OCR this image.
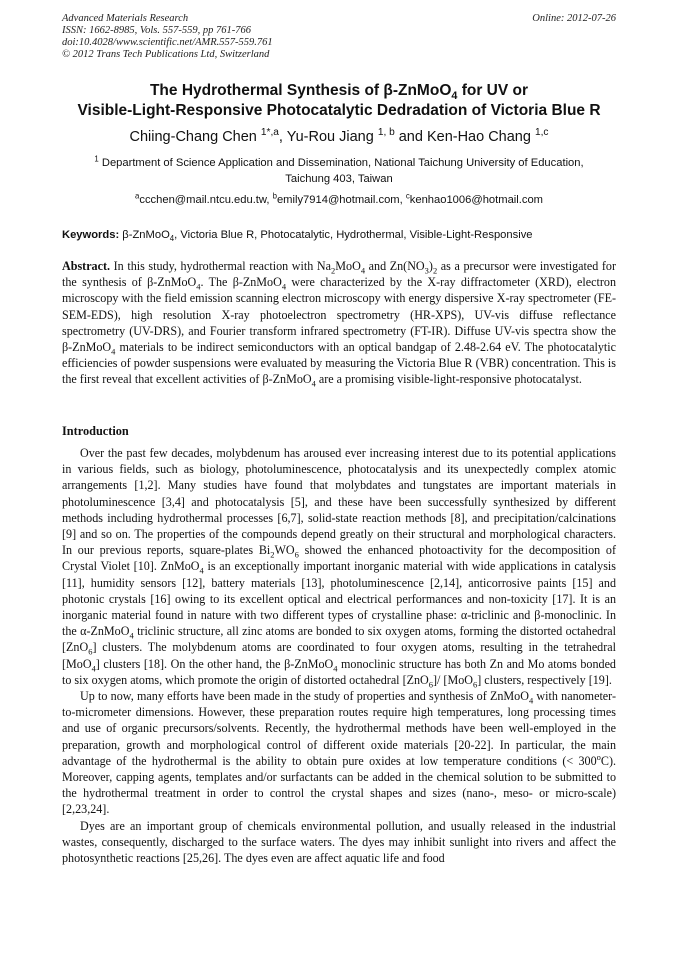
Advanced Materials Research	Online: 2012-07-26
ISSN: 1662-8985, Vols. 557-559, pp 761-766
doi:10.4028/www.scientific.net/AMR.557-559.761
© 2012 Trans Tech Publications Ltd, Switzerland
The Hydrothermal Synthesis of β-ZnMoO$_4$ for UV or
Visible-Light-Responsive Photocatalytic Dedradation of Victoria Blue R
Chiing-Chang Chen $^{1*,a}$, Yu-Rou Jiang $^{1, b}$ and Ken-Hao Chang $^{1,c}$
$^1$ Department of Science Application and Dissemination, National Taichung University of Education,
Taichung 403, Taiwan
$^a$ccchen@mail.ntcu.edu.tw, $^b$emily7914@hotmail.com, $^c$kenhao1006@hotmail.com
Keywords: β-ZnMoO$_4$, Victoria Blue R, Photocatalytic, Hydrothermal, Visible-Light-Responsive
Abstract. In this study, hydrothermal reaction with $Na_2MoO_4$ and $Zn(NO_3)_2$ as a precursor were investigated for the synthesis of β-ZnMoO$_4$. The β-ZnMoO$_4$ were characterized by the X-ray diffractometer (XRD), electron microscopy with the field emission scanning electron microscopy with energy dispersive X-ray spectrometer (FE-SEM-EDS), high resolution X-ray photoelectron spectrometry (HR-XPS), UV-vis diffuse reflectance spectrometry (UV-DRS), and Fourier transform infrared spectrometry (FT-IR). Diffuse UV-vis spectra show the β-ZnMoO$_4$ materials to be indirect semiconductors with an optical bandgap of 2.48-2.64 eV. The photocatalytic efficiencies of powder suspensions were evaluated by measuring the Victoria Blue R (VBR) concentration. This is the first reveal that excellent activities of β-ZnMoO$_4$ are a promising visible-light-responsive photocatalyst.
Introduction

Over the past few decades, molybdenum has aroused ever increasing interest due to its potential applications in various fields, such as biology, photoluminescence, photocatalysis and its unexpectedly complex atomic arrangements [1,2]. Many studies have found that molybdates and tungstates are important materials in photoluminescence [3,4] and photocatalysis [5], and these have been successfully synthesized by different methods including hydrothermal processes [6,7], solid-state reaction methods [8], and precipitation/calcinations [9] and so on. The properties of the compounds depend greatly on their structural and morphological characters. In our previous reports, square-plates $Bi_2WO_6$ showed the enhanced photoactivity for the decomposition of Crystal Violet [10]. ZnMoO$_4$ is an exceptionally important inorganic material with wide applications in catalysis [11], humidity sensors [12], battery materials [13], photoluminescence [2,14], anticorrosive paints [15] and photonic crystals [16] owing to its excellent optical and electrical performances and non-toxicity [17]. It is an inorganic material found in nature with two different types of crystalline phase: α-triclinic and β-monoclinic. In the α-ZnMoO$_4$ triclinic structure, all zinc atoms are bonded to six oxygen atoms, forming the distorted octahedral [ZnO$_6$] clusters. The molybdenum atoms are coordinated to four oxygen atoms, resulting in the tetrahedral [MoO$_4$] clusters [18]. On the other hand, the β-ZnMoO$_4$ monoclinic structure has both Zn and Mo atoms bonded to six oxygen atoms, which promote the origin of distorted octahedral [ZnO$_6$]/ [MoO$_6$] clusters, respectively [19].

Up to now, many efforts have been made in the study of properties and synthesis of ZnMoO$_4$ with nanometer-to-micrometer dimensions. However, these preparation routes require high temperatures, long processing times and use of organic precursors/solvents. Recently, the hydrothermal methods have been well-employed in the preparation, growth and morphological control of different oxide materials [20-22]. In particular, the main advantage of the hydrothermal is the ability to obtain pure oxides at low temperature conditions (< $300^oC$). Moreover, capping agents, templates and/or surfactants can be added in the chemical solution to be submitted to the hydrothermal treatment in order to control the crystal shapes and sizes (nano-, meso- or micro-scale) [2,23,24].

Dyes are an important group of chemicals environmental pollution, and usually released in the industrial wastes, consequently, discharged to the surface waters. The dyes may inhibit sunlight into rivers and affect the photosynthetic reactions [25,26]. The dyes even are affect aquatic life and food
